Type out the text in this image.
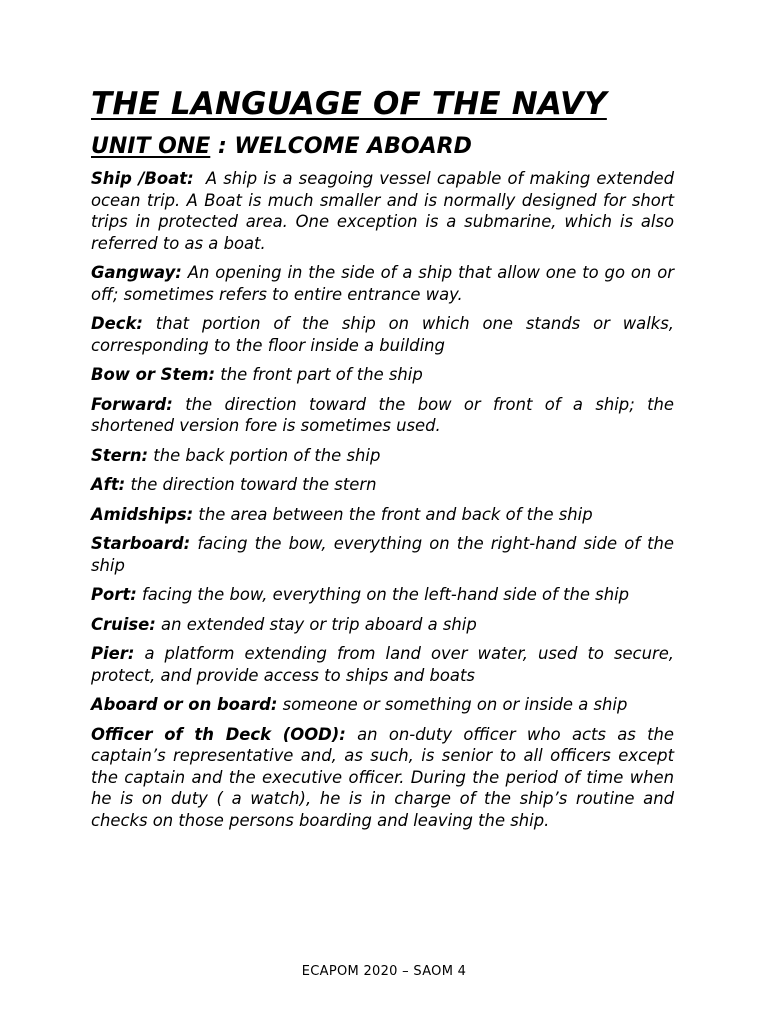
THE LANGUAGE OF THE NAVY
UNIT ONE : WELCOME ABOARD
Ship /Boat: A ship is a seagoing vessel capable of making extended ocean trip. A Boat is much smaller and is normally designed for short trips in protected area. One exception is a submarine, which is also referred to as a boat.
Gangway: An opening in the side of a ship that allow one to go on or off; sometimes refers to entire entrance way.
Deck: that portion of the ship on which one stands or walks, corresponding to the floor inside a building
Bow or Stem: the front part of the ship
Forward: the direction toward the bow or front of a ship; the shortened version fore is sometimes used.
Stern: the back portion of the ship
Aft: the direction toward the stern
Amidships: the area between the front and back of the ship
Starboard: facing the bow, everything on the right-hand side of the ship
Port: facing the bow, everything on the left-hand side of the ship
Cruise: an extended stay or trip aboard a ship
Pier: a platform extending from land over water, used to secure, protect, and provide access to ships and boats
Aboard or on board: someone or something on or inside a ship
Officer of th Deck (OOD): an on-duty officer who acts as the captain’s representative and, as such, is senior to all officers except the captain and the executive officer. During the period of time when he is on duty ( a watch), he is in charge of the ship’s routine and checks on those persons boarding and leaving the ship.
ECAPOM 2020 – SAOM 4
